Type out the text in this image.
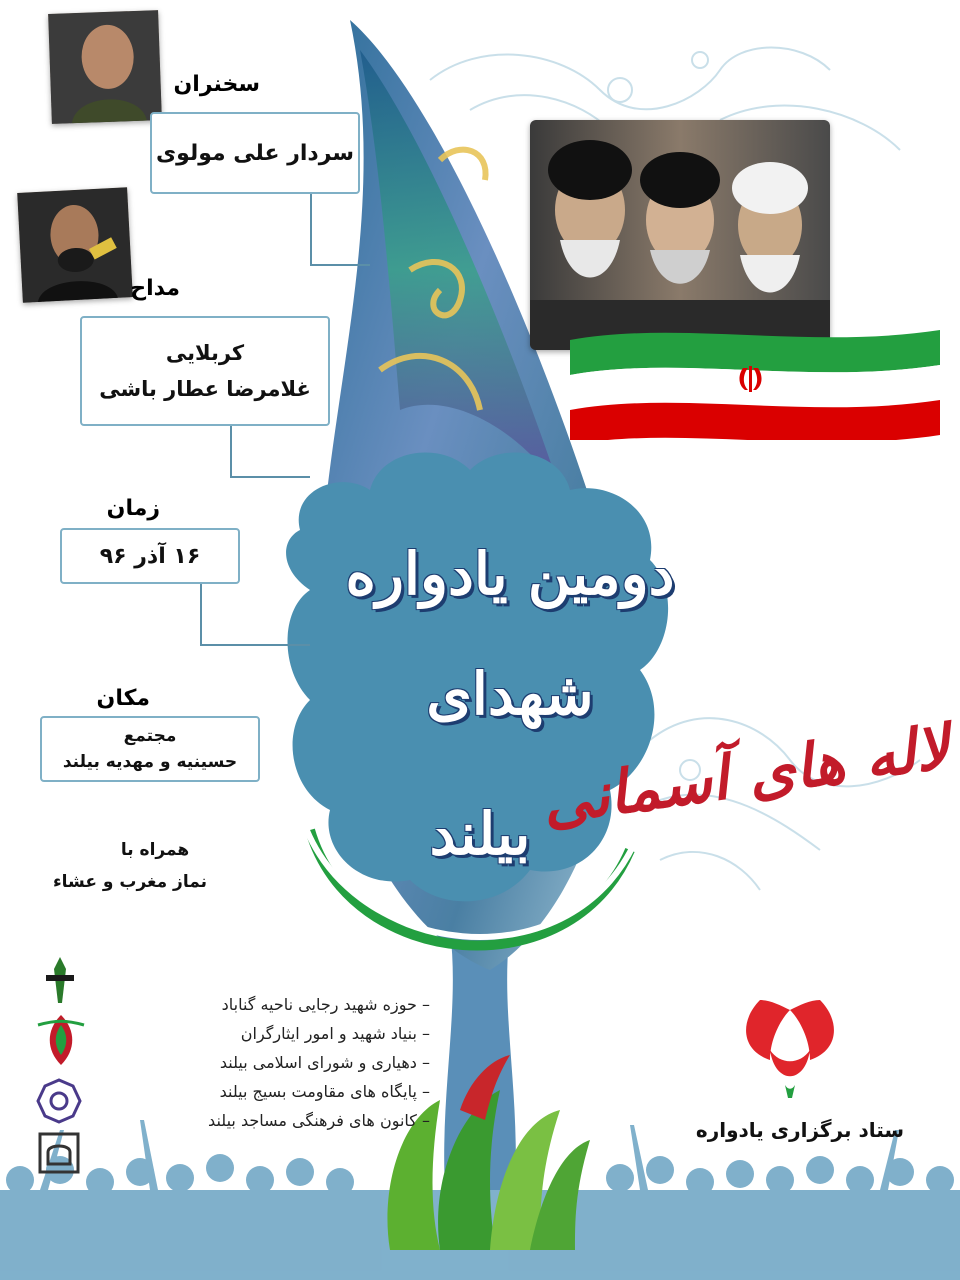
دومین یادواره
شهدای
بیلند لاله های آسمانی
سخنران
سردار علی مولوی
مداح
کربلایی
غلامرضا عطار باشی
زمان
۱۶ آذر ۹۶
مکان
مجتمع
حسینیه و مهدیه بیلند
همراه با
نماز مغرب و عشاء
– حوزه شهید رجایی ناحیه گناباد
– بنیاد شهید و امور ایثارگران
– دهیاری و شورای اسلامی بیلند
– پایگاه های مقاومت بسیج بیلند
– کانون های فرهنگی مساجد بیلند	ستاد برگزاری یادواره
